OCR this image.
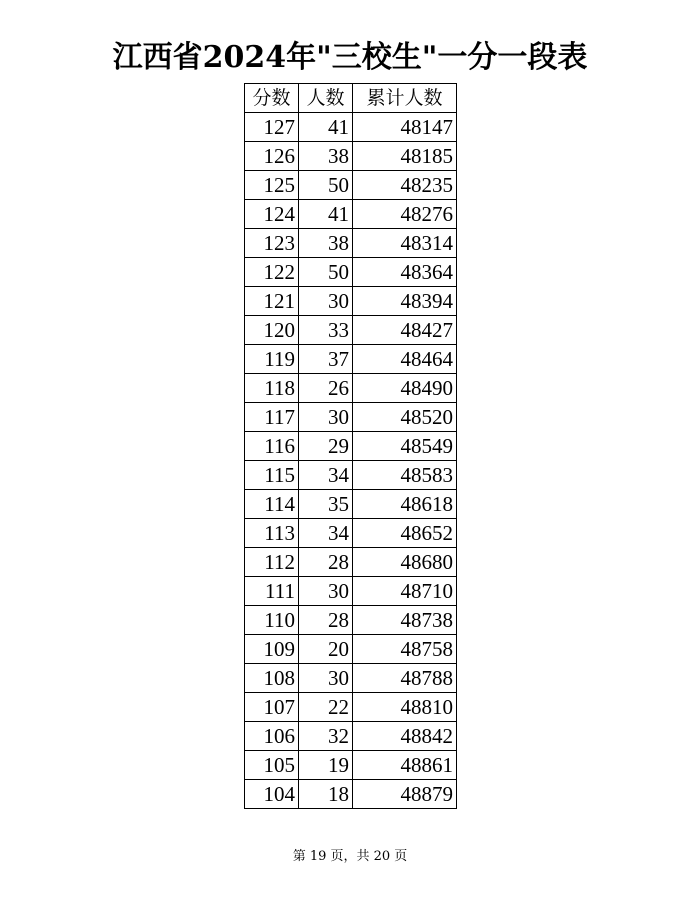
江西省2024年"三校生"一分一段表
分数	人数	累计人数
127	41	48147
126	38	48185
125	50	48235
124	41	48276
123	38	48314
122	50	48364
121	30	48394
120	33	48427
119	37	48464
118	26	48490
117	30	48520
116	29	48549
115	34	48583
114	35	48618
113	34	48652
112	28	48680
111	30	48710
110	28	48738
109	20	48758
108	30	48788
107	22	48810
106	32	48842
105	19	48861
104	18	48879
第 19 页，共 20 页
